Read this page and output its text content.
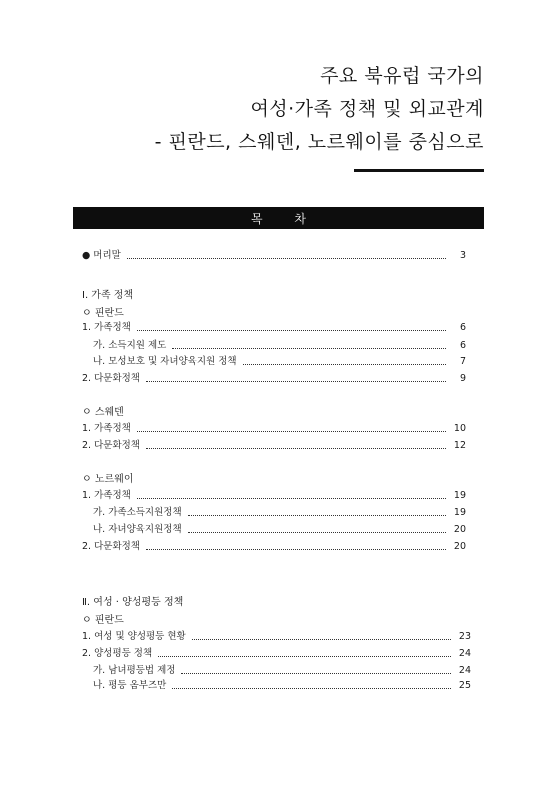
주요 북유럽 국가의
여성·가족 정책 및 외교관계
- 핀란드, 스웨덴, 노르웨이를 중심으로
목 차
● 머리말	3
Ⅰ. 가족 정책
ㅇ 핀란드
1. 가족정책	6
가. 소득지원 제도	6
나. 모성보호 및 자녀양육지원 정책	7
2. 다문화정책	9
ㅇ 스웨덴
1. 가족정책	10
2. 다문화정책	12
ㅇ 노르웨이
1. 가족정책	19
가. 가족소득지원정책	19
나. 자녀양육지원정책	20
2. 다문화정책	20
Ⅱ. 여성 · 양성평등 정책
ㅇ 핀란드
1. 여성 및 양성평등 현황	23
2. 양성평등 정책	24
가. 남녀평등법 제정	24
나. 평등 옴부즈만	25
